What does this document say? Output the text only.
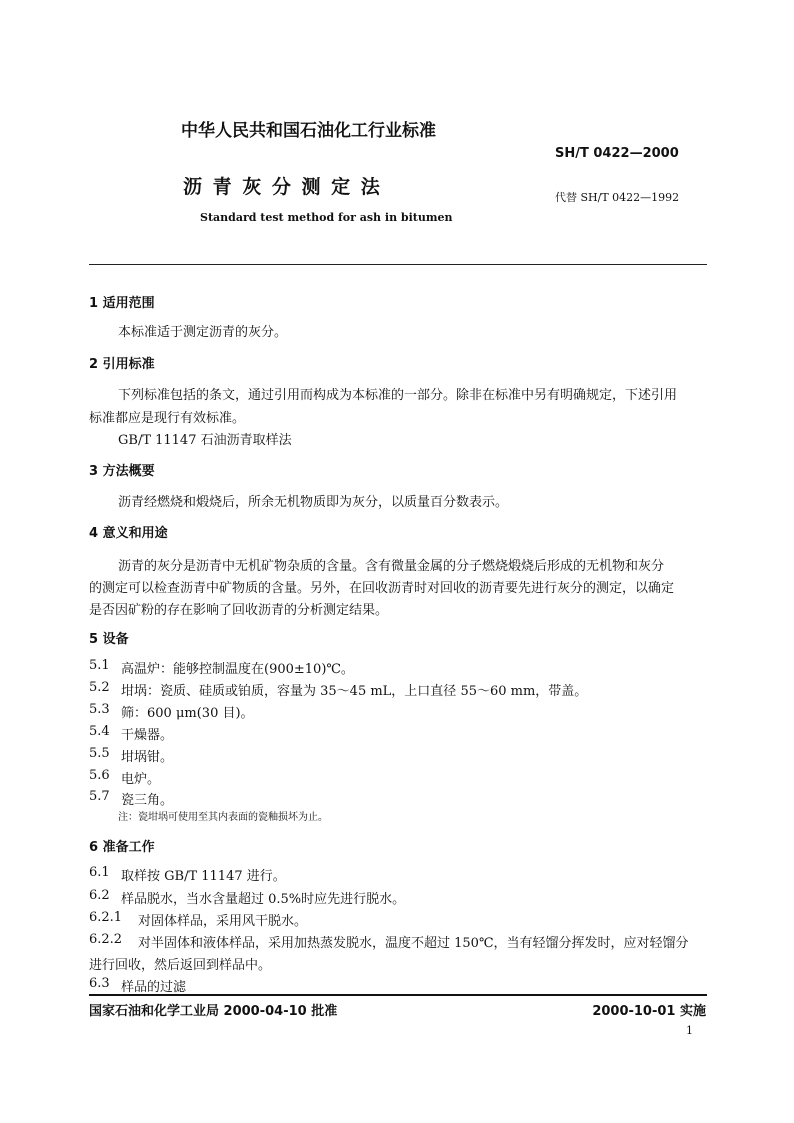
中华人民共和国石油化工行业标准
SH/T 0422—2000
沥 青 灰 分 测 定 法	代替 SH/T 0422—1992
Standard test method for ash in bitumen
1 适用范围
本标准适于测定沥青的灰分。
2 引用标准
下列标准包括的条文，通过引用而构成为本标准的一部分。除非在标准中另有明确规定，下述引用
标准都应是现行有效标准。
GB/T 11147 石油沥青取样法
3 方法概要
沥青经燃烧和煅烧后，所余无机物质即为灰分，以质量百分数表示。
4 意义和用途
沥青的灰分是沥青中无机矿物杂质的含量。含有微量金属的分子燃烧煅烧后形成的无机物和灰分
的测定可以检查沥青中矿物质的含量。另外，在回收沥青时对回收的沥青要先进行灰分的测定，以确定
是否因矿粉的存在影响了回收沥青的分析测定结果。
5 设备
5.1 高温炉：能够控制温度在(900±10)℃。
5.2 坩埚：瓷质、硅质或铂质，容量为 35～45 mL，上口直径 55～60 mm，带盖。
5.3 筛：600 μm(30 目)。
5.4 干燥器。
5.5 坩埚钳。
5.6 电炉。
5.7 瓷三角。
注：瓷坩埚可使用至其内表面的瓷釉损坏为止。
6 准备工作
6.1 取样按 GB/T 11147 进行。
6.2 样品脱水，当水含量超过 0.5%时应先进行脱水。
6.2.1 对固体样品，采用风干脱水。
6.2.2 对半固体和液体样品，采用加热蒸发脱水，温度不超过 150℃，当有轻馏分挥发时，应对轻馏分
进行回收，然后返回到样品中。
6.3 样品的过滤
国家石油和化学工业局 2000-04-10 批准	2000-10-01 实施
1
